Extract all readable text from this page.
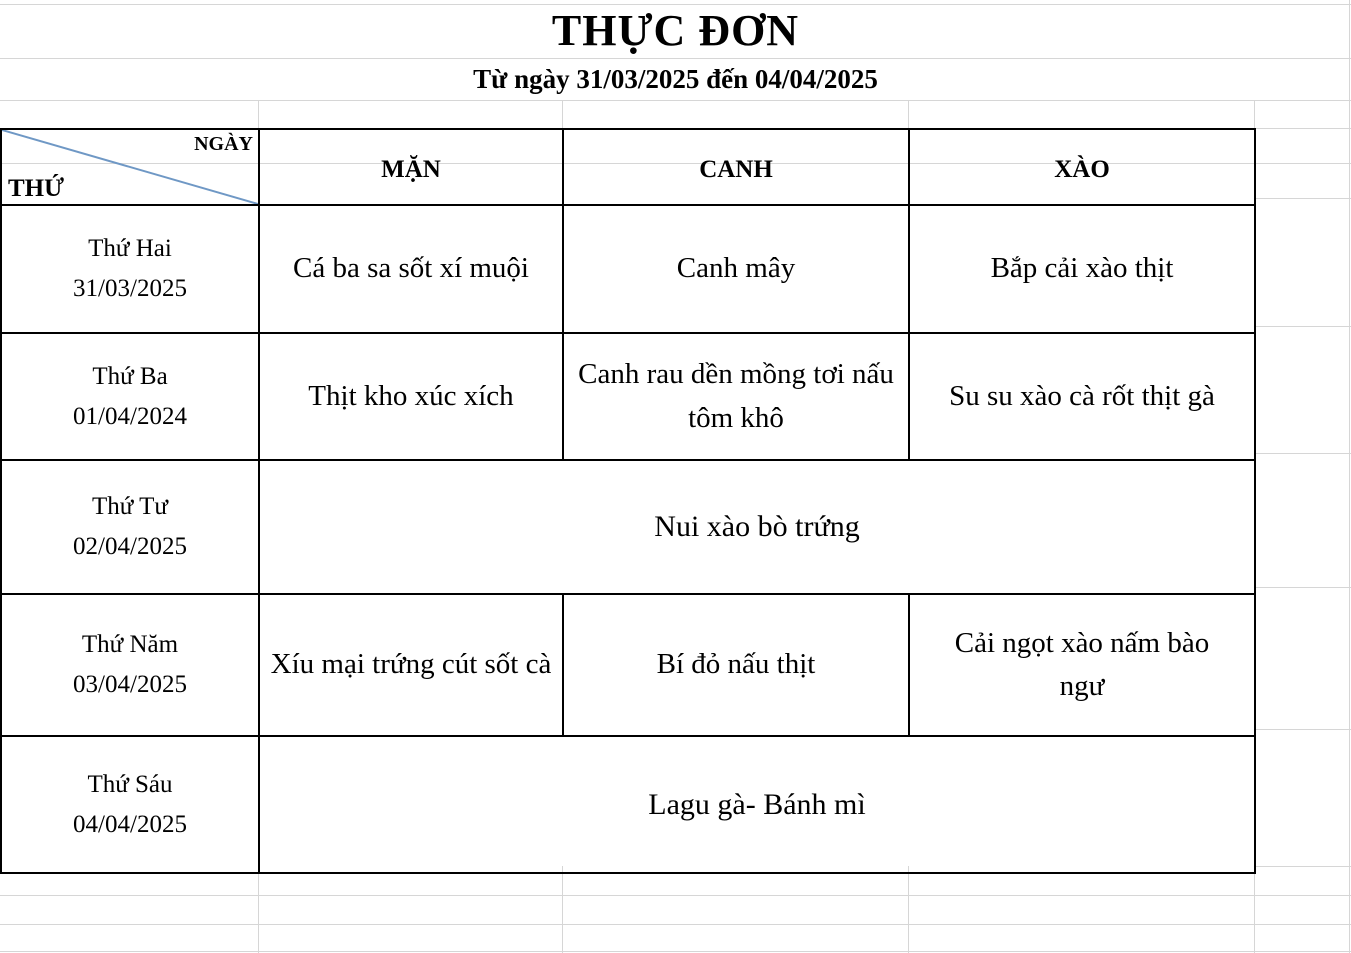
THỰC ĐƠN
Từ ngày 31/03/2025 đến 04/04/2025
NGÀY
THỨ	MẶN	CANH	XÀO

Thứ Hai
31/03/2025	Cá ba sa sốt xí muội	Canh mây	Bắp cải xào thịt

Thứ Ba
01/04/2024	Thịt kho xúc xích	Canh rau dền mồng tơi nấu tôm khô	Su su xào cà rốt thịt gà

Thứ Tư
02/04/2025	Nui xào bò trứng		

Thứ Năm
03/04/2025	Xíu mại trứng cút sốt cà	Bí đỏ nấu thịt	Cải ngọt xào nấm bào ngư

Thứ Sáu
04/04/2025	Lagu gà- Bánh mì		
